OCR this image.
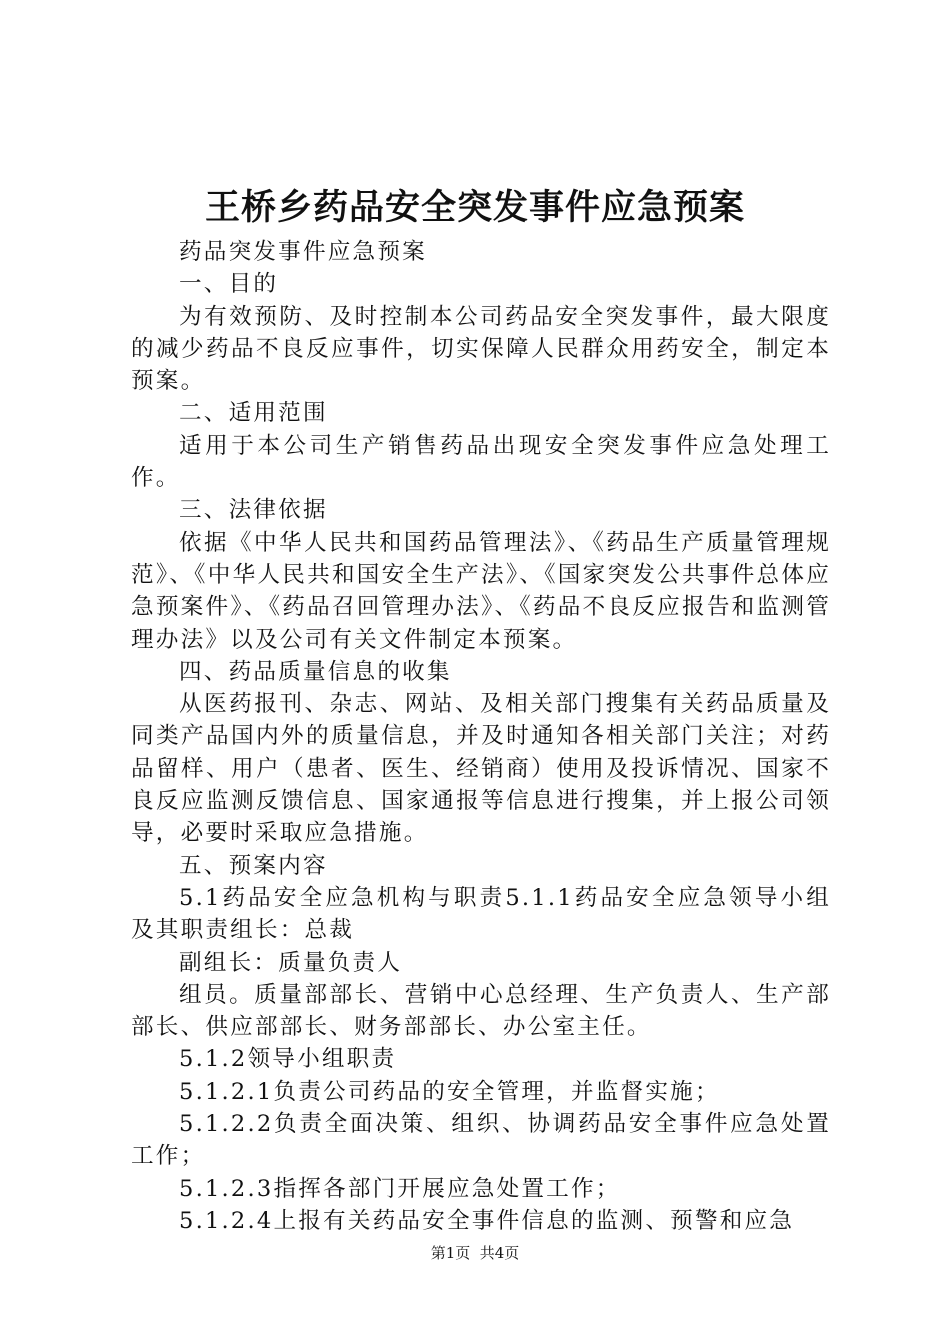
王桥乡药品安全突发事件应急预案

药品突发事件应急预案

一、目的

为有效预防、及时控制本公司药品安全突发事件，最大限度的减少药品不良反应事件，切实保障人民群众用药安全，制定本预案。

二、适用范围

适用于本公司生产销售药品出现安全突发事件应急处理工作。

三、法律依据

依据《中华人民共和国药品管理法》、《药品生产质量管理规范》、《中华人民共和国安全生产法》、《国家突发公共事件总体应急预案件》、《药品召回管理办法》、《药品不良反应报告和监测管理办法》以及公司有关文件制定本预案。

四、药品质量信息的收集

从医药报刊、杂志、网站、及相关部门搜集有关药品质量及同类产品国内外的质量信息，并及时通知各相关部门关注；对药品留样、用户（患者、医生、经销商）使用及投诉情况、国家不良反应监测反馈信息、国家通报等信息进行搜集，并上报公司领导，必要时采取应急措施。

五、预案内容

5.1药品安全应急机构与职责5.1.1药品安全应急领导小组及其职责组长：总裁

副组长：质量负责人

组员。质量部部长、营销中心总经理、生产负责人、生产部部长、供应部部长、财务部部长、办公室主任。

5.1.2领导小组职责

5.1.2.1负责公司药品的安全管理，并监督实施；

5.1.2.2负责全面决策、组织、协调药品安全事件应急处置工作；

5.1.2.3指挥各部门开展应急处置工作；

5.1.2.4上报有关药品安全事件信息的监测、预警和应急

第1页  共4页
